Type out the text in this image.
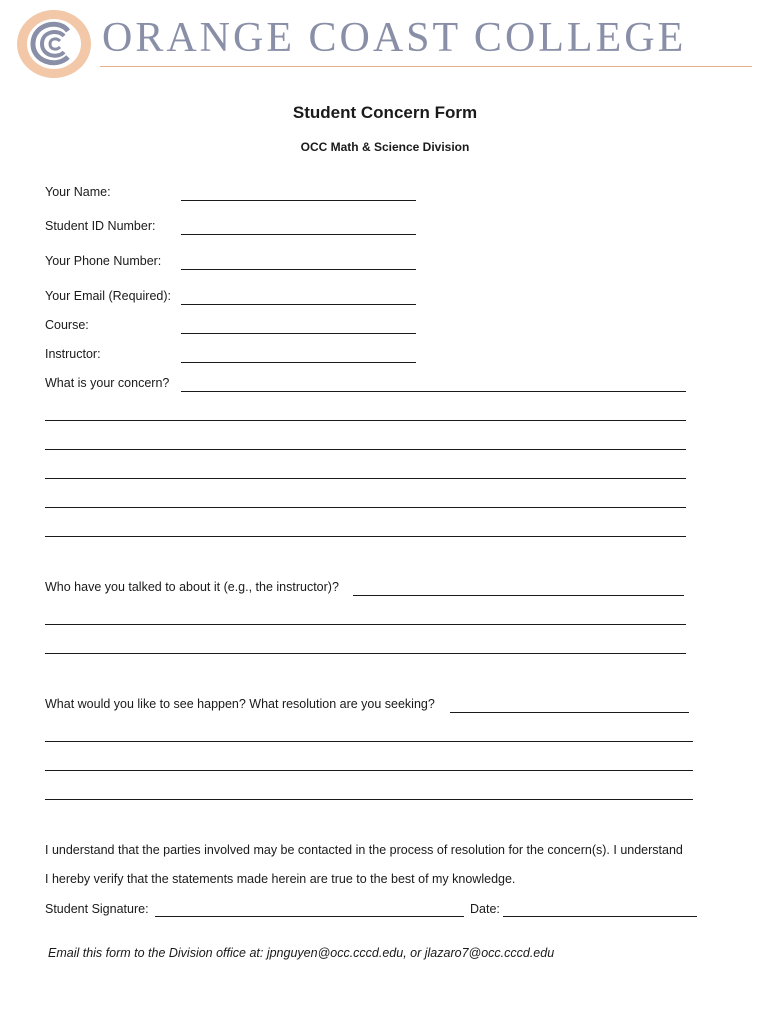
ORANGE COAST COLLEGE
Student Concern Form
OCC Math & Science Division
Your Name:
Student ID Number:
Your Phone Number:
Your Email (Required):
Course:
Instructor:
What is your concern?
Who have you talked to about it (e.g., the instructor)?
What would you like to see happen? What resolution are you seeking?
I understand that the parties involved may be contacted in the process of resolution for the concern(s). I understand
I hereby verify that the statements made herein are true to the best of my knowledge.
Student Signature:	Date:
Email this form to the Division office at: jpnguyen@occ.cccd.edu, or jlazaro7@occ.cccd.edu
